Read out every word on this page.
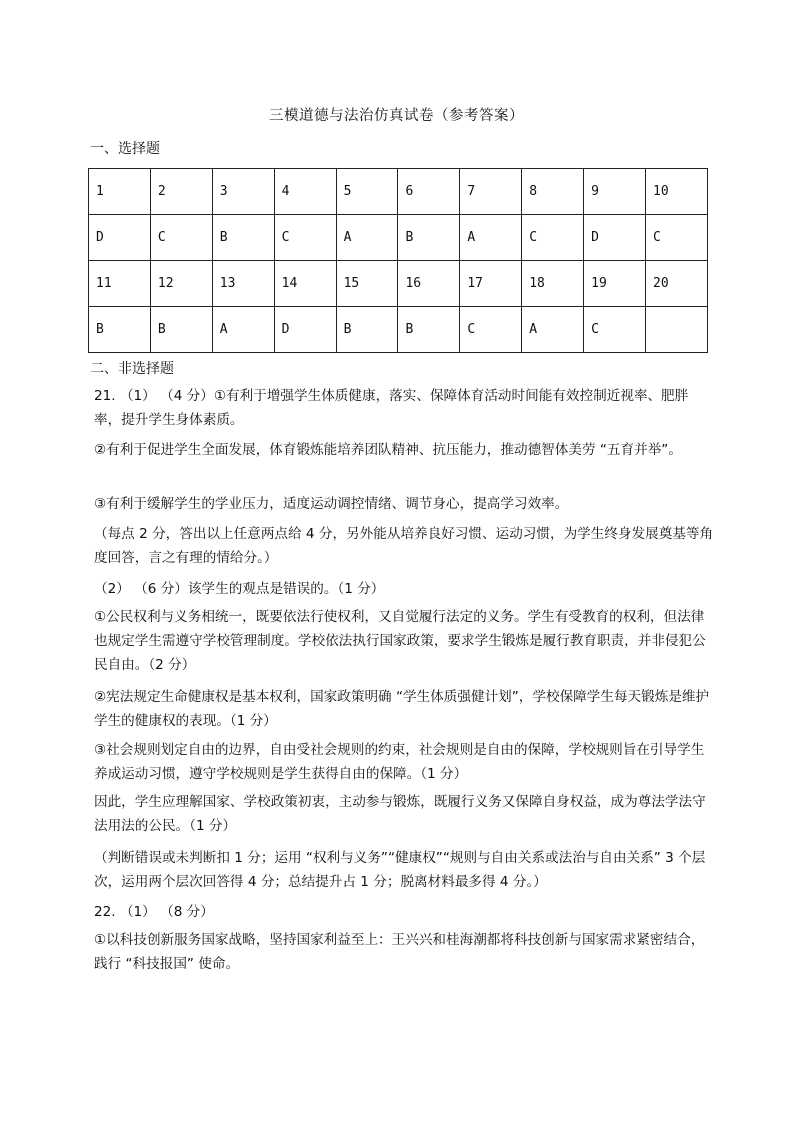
三模道德与法治仿真试卷（参考答案）
一、选择题
1	2	3	4	5	6	7	8	9	10
D	C	B	C	A	B	A	C	D	C
11	12	13	14	15	16	17	18	19	20
B	B	A	D	B	B	C	A	C	
二、非选择题

21. （1） （4 分）①有利于增强学生体质健康，落实、保障体育活动时间能有效控制近视率、肥胖率，提升学生身体素质。

②有利于促进学生全面发展，体育锻炼能培养团队精神、抗压能力，推动德智体美劳 “五育并举”。

③有利于缓解学生的学业压力，适度运动调控情绪、调节身心，提高学习效率。

（每点 2 分，答出以上任意两点给 4 分，另外能从培养良好习惯、运动习惯，为学生终身发展奠基等角度回答，言之有理的情给分。）

（2） （6 分）该学生的观点是错误的。（1 分）

①公民权利与义务相统一，既要依法行使权利，又自觉履行法定的义务。学生有受教育的权利，但法律也规定学生需遵守学校管理制度。学校依法执行国家政策，要求学生锻炼是履行教育职责，并非侵犯公民自由。（2 分）

②宪法规定生命健康权是基本权利，国家政策明确 “学生体质强健计划”，学校保障学生每天锻炼是维护学生的健康权的表现。（1 分）

③社会规则划定自由的边界，自由受社会规则的约束，社会规则是自由的保障，学校规则旨在引导学生养成运动习惯，遵守学校规则是学生获得自由的保障。（1 分）

因此，学生应理解国家、学校政策初衷，主动参与锻炼，既履行义务又保障自身权益，成为尊法学法守法用法的公民。（1 分）

（判断错误或未判断扣 1 分；运用 “权利与义务”“健康权”“规则与自由关系或法治与自由关系” 3 个层次，运用两个层次回答得 4 分；总结提升占 1 分；脱离材料最多得 4 分。）

22. （1） （8 分）

①以科技创新服务国家战略，坚持国家利益至上：王兴兴和桂海潮都将科技创新与国家需求紧密结合，践行 “科技报国” 使命。
